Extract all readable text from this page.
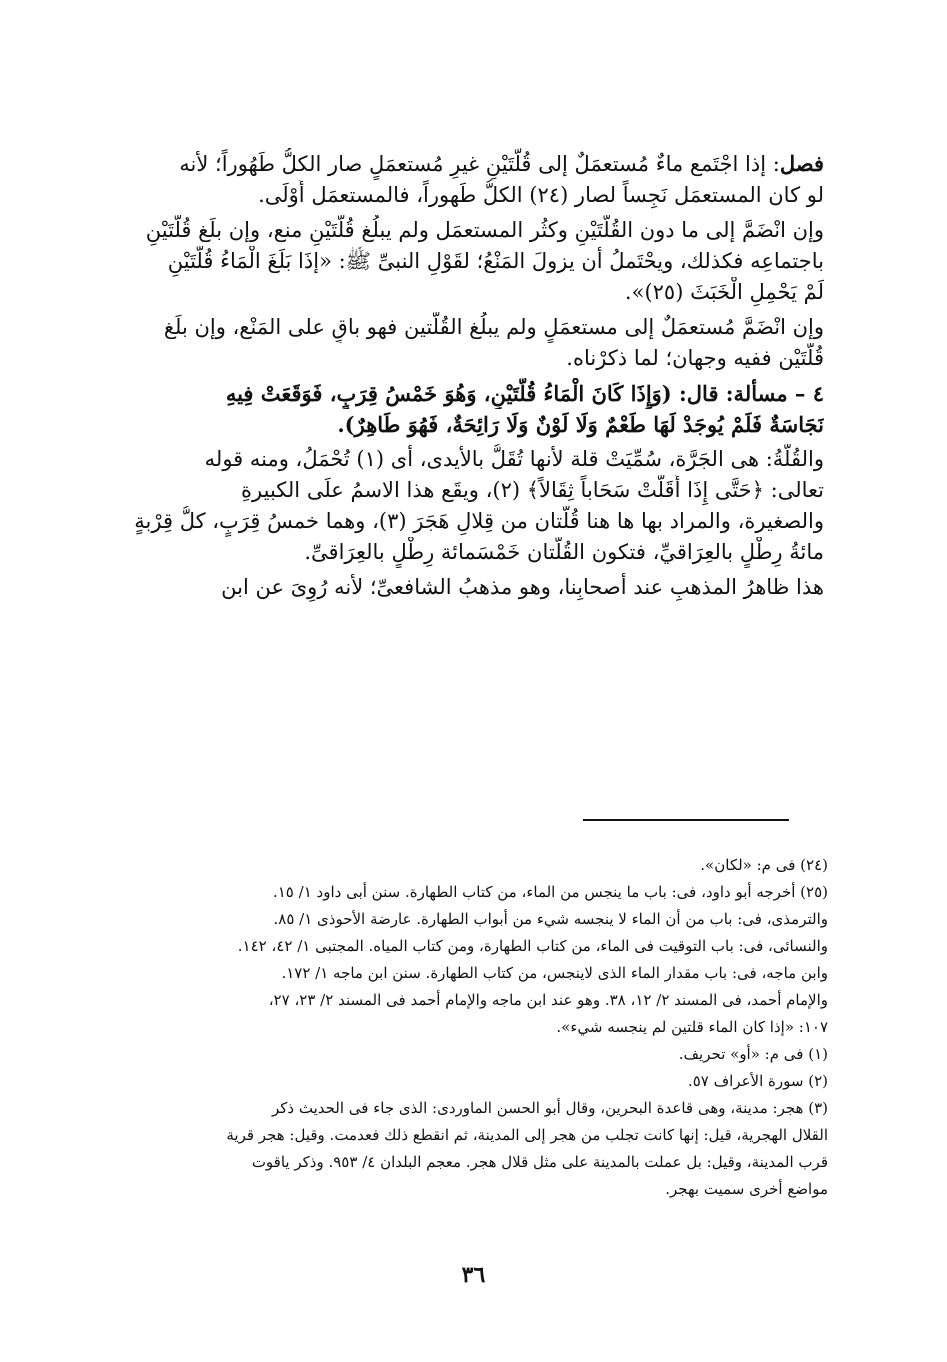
فصل: إذا اجْتَمع ماءٌ مُستعمَلٌ إلى قُلَّتَيْنِ غيرِ مُستعمَلٍ صار الكلُّ طَهُوراً؛ لأنه
لو كان المستعمَل نَجِساً لصار (٢٤) الكلُّ طَهوراً، فالمستعمَل أَوْلَى.
وإن انْضَمَّ إلى ما دون القُلَّتَيْنِ وكثُر المستعمَل ولم يبلُغ قُلَّتَيْنِ منع، وإن بلَغ قُلَّتَيْنِ
باجتماعِه فكذلك، ويحْتَملُ أن يزولَ المَنْعُ؛ لقَوْلِ النبىِّ ﷺ: «إذَا بَلَغَ الْمَاءُ قُلَّتَيْنِ
لَمْ يَحْمِلِ الْخَبَثَ (٢٥)».
وإن انْضَمَّ مُستعمَلٌ إلى مستعمَلٍ ولم يبلُغ القُلَّتين فهو باقٍ على المَنْع، وإن بلَغ
قُلَّتَيْن ففيه وجهان؛ لما ذكرْناه.
٤ – مسألة: قال: (وَإِذَا كَانَ الْمَاءُ قُلَّتَيْنِ، وَهُوَ خَمْسُ قِرَبٍ، فَوَقَعَتْ فِيهِ
نَجَاسَةٌ فَلَمْ يُوجَدْ لَهَا طَعْمٌ وَلَا لَوْنٌ وَلَا رَائِحَةٌ، فَهُوَ طَاهِرٌ).
والقُلَّةُ: هى الجَرَّة، سُمِّيَتْ قلة لأنها تُقَلُّ بالأيدى، أى (١) تُحْمَلُ، ومنه قوله
تعالى: ﴿حَتَّى إِذَا أَقَلَّتْ سَحَاباً ثِقَالاً﴾ (٢)، ويقَع هذا الاسمُ علَى الكبيرةِ
والصغيرة، والمراد بها ها هنا قُلَّتان من قِلالِ هَجَرَ (٣)، وهما خمسُ قِرَبٍ، كلُّ قِرْبةٍ
مائةُ رِطْلٍ بالعِرَاقيِّ، فتكون القُلَّتان خَمْسَمائة رِطْلٍ بالعِرَاقىِّ.
هذا ظاهرُ المذهبِ عند أصحابِنا، وهو مذهبُ الشافعىِّ؛ لأنه رُوِىَ عن ابن
(٢٤) فى م: «لكان».
(٢٥) أخرجه أبو داود، فى: باب ما ينجس من الماء، من كتاب الطهارة. سنن أبى داود ١/ ١٥.
والترمذى، فى: باب من أن الماء لا ينجسه شيء من أبواب الطهارة. عارضة الأحوذى ١/ ٨٥.
والنسائى، فى: باب التوقيت فى الماء، من كتاب الطهارة، ومن كتاب المياه. المجتبى ١/ ٤٢، ١٤٢.
وابن ماجه، فى: باب مقدار الماء الذى لاينجس، من كتاب الطهارة. سنن ابن ماجه ١/ ١٧٢.
والإمام أحمد، فى المسند ٢/ ١٢، ٣٨. وهو عند ابن ماجه والإمام أحمد فى المسند ٢/ ٢٣، ٢٧،
١٠٧: «إذا كان الماء قلتين لم ينجسه شيء».
(١) فى م: «أو» تحريف.
(٢) سورة الأعراف ٥٧.
(٣) هجر: مدينة، وهى قاعدة البحرين، وقال أبو الحسن الماوردى: الذى جاء فى الحديث ذكر
القلال الهجرية، قيل: إنها كانت تجلب من هجر إلى المدينة، ثم انقطع ذلك فعدمت. وقيل: هجر قرية
قرب المدينة، وقيل: بل عملت بالمدينة على مثل قلال هجر. معجم البلدان ٤/ ٩٥٣. وذكر ياقوت
مواضع أخرى سميت بهجر.
٣٦
